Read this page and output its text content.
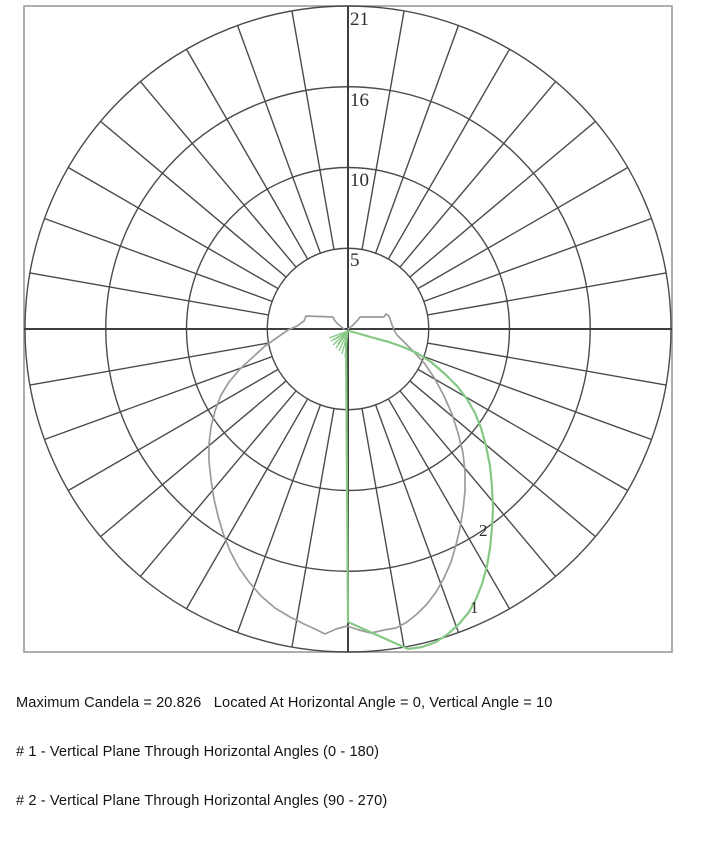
21
16
10
5
2
1

Maximum Candela = 20.826   Located At Horizontal Angle = 0, Vertical Angle = 10

# 1 - Vertical Plane Through Horizontal Angles (0 - 180)

# 2 - Vertical Plane Through Horizontal Angles (90 - 270)
